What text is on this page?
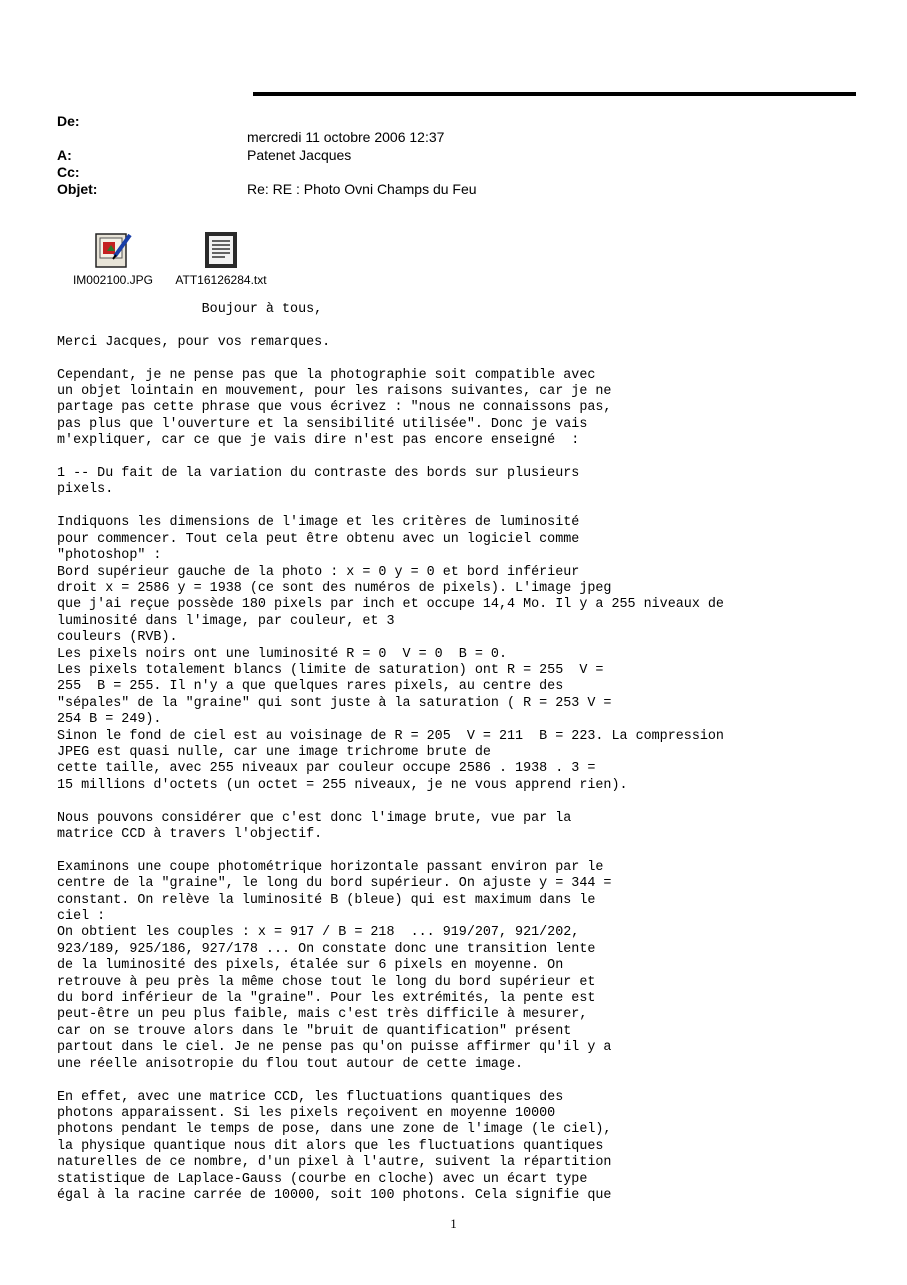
De:
mercredi 11 octobre 2006 12:37
A:	Patenet Jacques
Cc:
Objet:	Re: RE : Photo Ovni Champs du Feu
IM002100.JPG	ATT16126284.txt
Boujour à tous,

Merci Jacques, pour vos remarques.

Cependant, je ne pense pas que la photographie soit compatible avec
un objet lointain en mouvement, pour les raisons suivantes, car je ne
partage pas cette phrase que vous écrivez : "nous ne connaissons pas,
pas plus que l'ouverture et la sensibilité utilisée". Donc je vais
m'expliquer, car ce que je vais dire n'est pas encore enseigné  :

1 -- Du fait de la variation du contraste des bords sur plusieurs
pixels.

Indiquons les dimensions de l'image et les critères de luminosité
pour commencer. Tout cela peut être obtenu avec un logiciel comme
"photoshop" :
Bord supérieur gauche de la photo : x = 0 y = 0 et bord inférieur
droit x = 2586 y = 1938 (ce sont des numéros de pixels). L'image jpeg
que j'ai reçue possède 180 pixels par inch et occupe 14,4 Mo. Il y a 255 niveaux de
luminosité dans l'image, par couleur, et 3
couleurs (RVB).
Les pixels noirs ont une luminosité R = 0  V = 0  B = 0.
Les pixels totalement blancs (limite de saturation) ont R = 255  V =
255  B = 255. Il n'y a que quelques rares pixels, au centre des
"sépales" de la "graine" qui sont juste à la saturation ( R = 253 V =
254 B = 249).
Sinon le fond de ciel est au voisinage de R = 205  V = 211  B = 223. La compression
JPEG est quasi nulle, car une image trichrome brute de
cette taille, avec 255 niveaux par couleur occupe 2586 . 1938 . 3 =
15 millions d'octets (un octet = 255 niveaux, je ne vous apprend rien).

Nous pouvons considérer que c'est donc l'image brute, vue par la
matrice CCD à travers l'objectif.

Examinons une coupe photométrique horizontale passant environ par le
centre de la "graine", le long du bord supérieur. On ajuste y = 344 =
constant. On relève la luminosité B (bleue) qui est maximum dans le
ciel :
On obtient les couples : x = 917 / B = 218  ... 919/207, 921/202,
923/189, 925/186, 927/178 ... On constate donc une transition lente
de la luminosité des pixels, étalée sur 6 pixels en moyenne. On
retrouve à peu près la même chose tout le long du bord supérieur et
du bord inférieur de la "graine". Pour les extrémités, la pente est
peut-être un peu plus faible, mais c'est très difficile à mesurer,
car on se trouve alors dans le "bruit de quantification" présent
partout dans le ciel. Je ne pense pas qu'on puisse affirmer qu'il y a
une réelle anisotropie du flou tout autour de cette image.

En effet, avec une matrice CCD, les fluctuations quantiques des
photons apparaissent. Si les pixels reçoivent en moyenne 10000
photons pendant le temps de pose, dans une zone de l'image (le ciel),
la physique quantique nous dit alors que les fluctuations quantiques
naturelles de ce nombre, d'un pixel à l'autre, suivent la répartition
statistique de Laplace-Gauss (courbe en cloche) avec un écart type
égal à la racine carrée de 10000, soit 100 photons. Cela signifie que
1
